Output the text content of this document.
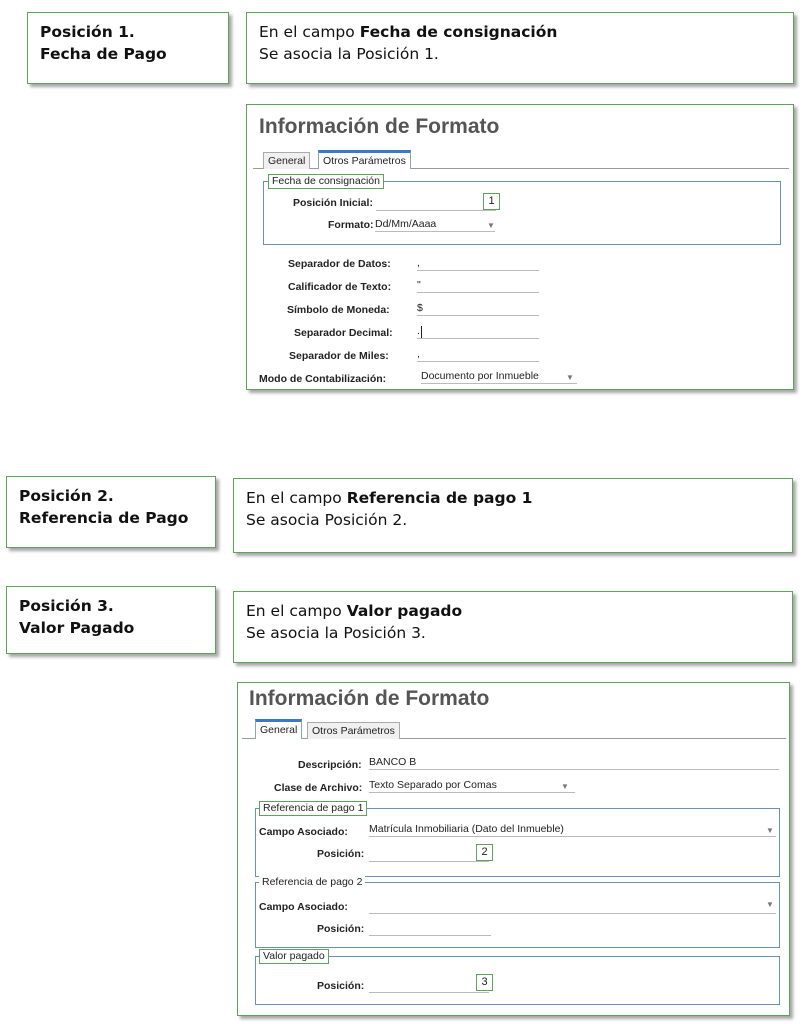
Posición 1.
Fecha de Pago
En el campo Fecha de consignación
Se asocia la Posición 1.
Información de Formato
General	Otros Parámetros
Fecha de consignación
Posición Inicial:	1
Formato: Dd/Mm/Aaaa	▼
Separador de Datos:	,
Calificador de Texto: "
Símbolo de Moneda:	$
Separador Decimal: .
Separador de Miles:	,
Modo de Contabilización:	Documento por Inmueble	▼
Posición 2.
Referencia de Pago
En el campo Referencia de pago 1
Se asocia Posición 2.
Posición 3.
Valor Pagado
En el campo Valor pagado
Se asocia la Posición 3.
Información de Formato
General	Otros Parámetros
Descripción: BANCO B
Clase de Archivo: Texto Separado por Comas	▼
Referencia de pago 1
Campo Asociado: Matrícula Inmobiliaria (Dato del Inmueble)	▼
Posición:	2
Referencia de pago 2
Campo Asociado:	▼
Posición:
Valor pagado
Posición:	3
